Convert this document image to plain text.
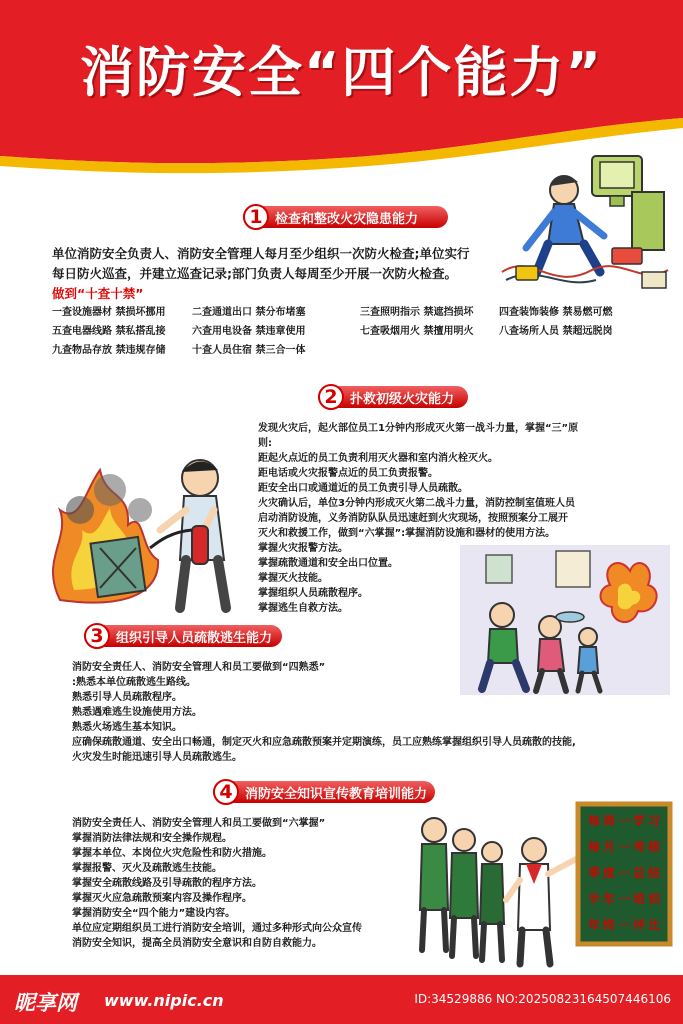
消防安全“四个能力”
1 检查和整改火灾隐患能力
单位消防安全负责人、消防安全管理人每月至少组织一次防火检查;单位实行
每日防火巡查，并建立巡查记录;部门负责人每周至少开展一次防火检查。
做到“十查十禁”
一查设施器材 禁损坏挪用	二查通道出口 禁分布堵塞	三查照明指示 禁遮挡损坏	四查装饰装修 禁易燃可燃
五查电器线路 禁私搭乱接	六查用电设备 禁违章使用	七查吸烟用火 禁擅用明火	八查场所人员 禁超远脱岗
九查物品存放 禁违规存储	十查人员住宿 禁三合一体
2 扑救初级火灾能力
发现火灾后，起火部位员工1分钟内形成灭火第一战斗力量，掌握“三”原
则:
距起火点近的员工负责利用灭火器和室内消火栓灭火。
距电话或火灾报警点近的员工负责报警。
距安全出口或通道近的员工负责引导人员疏散。
火灾确认后，单位3分钟内形成灭火第二战斗力量，消防控制室值班人员
启动消防设施，义务消防队队员迅速赶到火灾现场，按照预案分工展开
灭火和救援工作，做到“六掌握”:掌握消防设施和器材的使用方法。
掌握火灾报警方法。
掌握疏散通道和安全出口位置。
掌握灭火技能。
掌握组织人员疏散程序。
掌握逃生自救方法。
3 组织引导人员疏散逃生能力
消防安全责任人、消防安全管理人和员工要做到“四熟悉”
:熟悉本单位疏散逃生路线。
熟悉引导人员疏散程序。
熟悉遇难逃生设施使用方法。
熟悉火场逃生基本知识。
应确保疏散通道、安全出口畅通，制定灭火和应急疏散预案并定期演练，员工应熟练掌握组织引导人员疏散的技能,
火灾发生时能迅速引导人员疏散逃生。
4 消防安全知识宣传教育培训能力
消防安全责任人、消防安全管理人和员工要做到“六掌握”
掌握消防法律法规和安全操作规程。
掌握本单位、本岗位火灾危险性和防火措施。
掌握报警、灭火及疏散逃生技能。
掌握安全疏散线路及引导疏散的程序方法。
掌握灭火应急疏散预案内容及操作程序。
掌握消防安全“四个能力”建设内容。
单位应定期组织员工进行消防安全培训，通过多种形式向公众宣传
消防安全知识，提高全员消防安全意识和自防自救能力。
每周一学习
每月一考核
季度一总结
半年一培训
年终一评比
昵享网 www.nipic.cn	ID:34529886 NO:20250823164507446106
